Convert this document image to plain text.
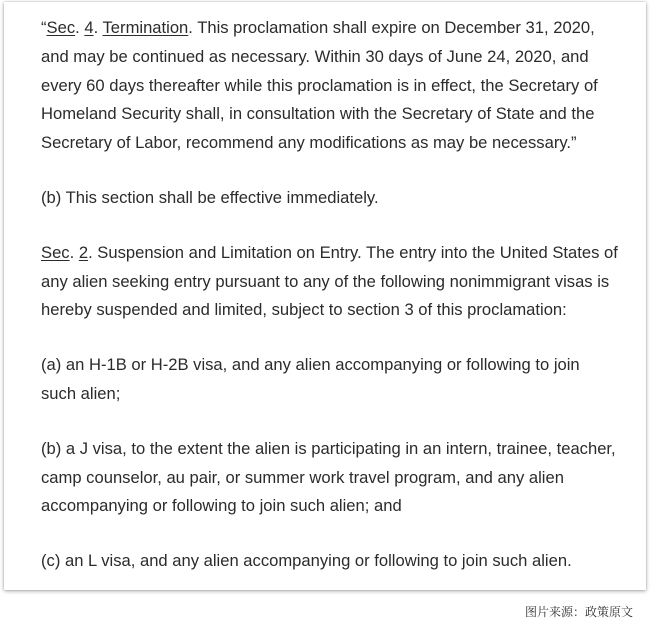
“Sec. 4. Termination. This proclamation shall expire on December 31, 2020, and may be continued as necessary. Within 30 days of June 24, 2020, and every 60 days thereafter while this proclamation is in effect, the Secretary of Homeland Security shall, in consultation with the Secretary of State and the Secretary of Labor, recommend any modifications as may be necessary.”

(b) This section shall be effective immediately.

Sec. 2. Suspension and Limitation on Entry. The entry into the United States of any alien seeking entry pursuant to any of the following nonimmigrant visas is hereby suspended and limited, subject to section 3 of this proclamation:

(a) an H-1B or H-2B visa, and any alien accompanying or following to join such alien;

(b) a J visa, to the extent the alien is participating in an intern, trainee, teacher, camp counselor, au pair, or summer work travel program, and any alien accompanying or following to join such alien; and

(c) an L visa, and any alien accompanying or following to join such alien.

图片来源：政策原文
